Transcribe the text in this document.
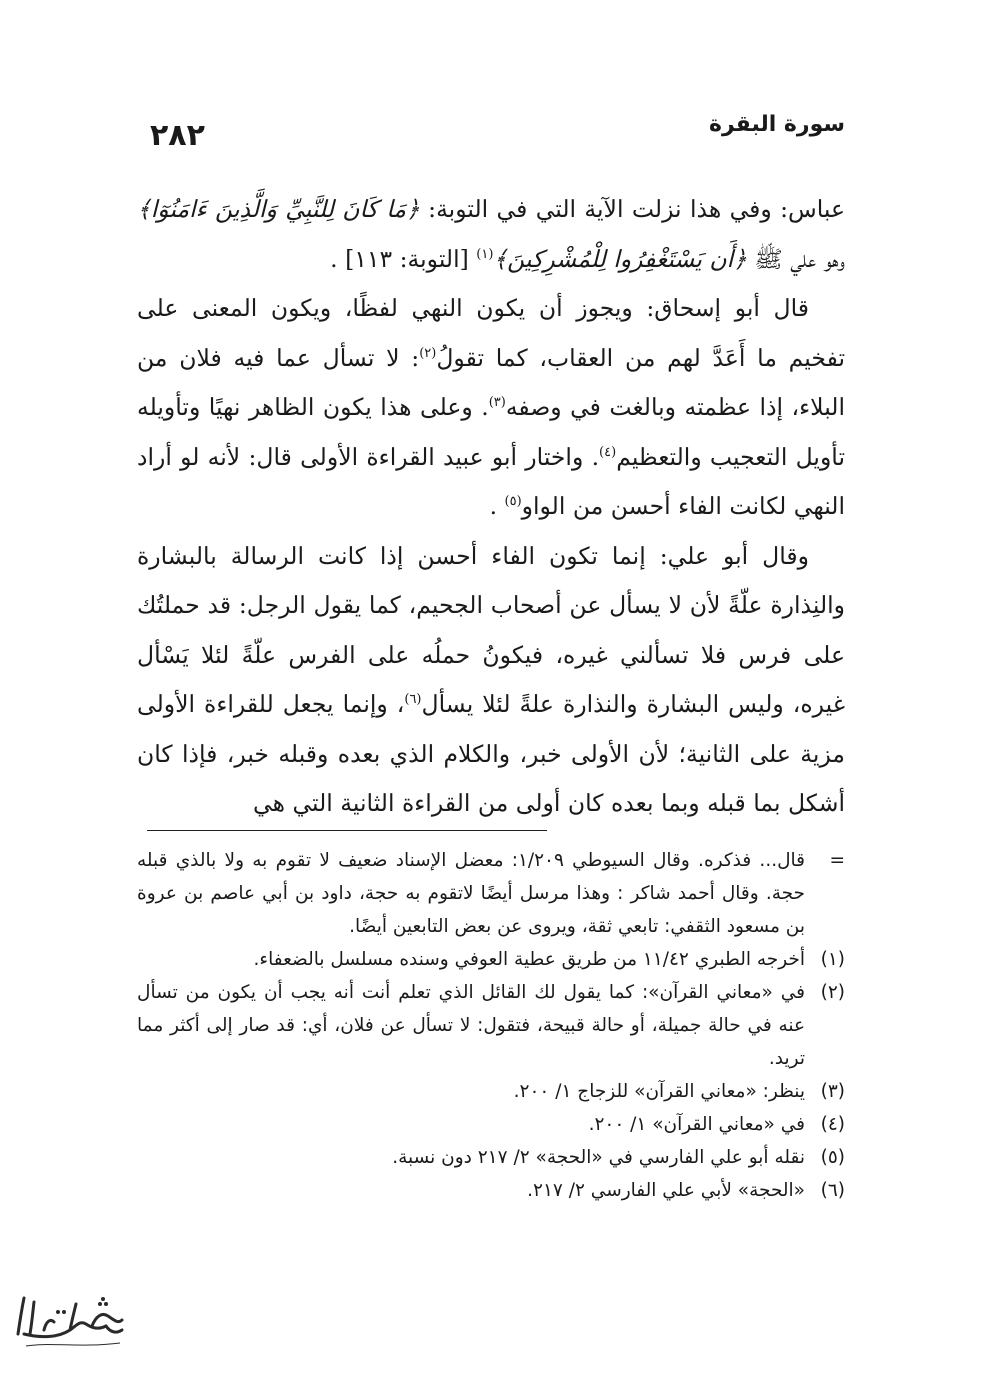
٢٨٢	سورة البقرة

عباس: وفي هذا نزلت الآية التي في التوبة: ﴿مَا كَانَ لِلنَّبِيِّ وَالَّذِينَ ءَامَنُوٓا﴾ وهو علي ﷺ ﴿أَن يَسْتَغْفِرُوا لِلْمُشْرِكِينَ﴾$^{(١)}$ [التوبة: ١١٣] .

قال أبو إسحاق: ويجوز أن يكون النهي لفظًا، ويكون المعنى على تفخيم ما أَعَدَّ لهم من العقاب، كما تقولُ$^{(٢)}$: لا تسأل عما فيه فلان من البلاء، إذا عظمته وبالغت في وصفه$^{(٣)}$. وعلى هذا يكون الظاهر نهيًا وتأويله تأويل التعجيب والتعظيم$^{(٤)}$. واختار أبو عبيد القراءة الأولى قال: لأنه لو أراد النهي لكانت الفاء أحسن من الواو$^{(٥)}$ .

وقال أبو علي: إنما تكون الفاء أحسن إذا كانت الرسالة بالبشارة والنِذارة علّةً لأن لا يسأل عن أصحاب الجحيم، كما يقول الرجل: قد حملتُك على فرس فلا تسألني غيره، فيكونُ حملُه على الفرس علّةً لئلا يَسْأل غيره، وليس البشارة والنذارة علةً لئلا يسأل$^{(٦)}$، وإنما يجعل للقراءة الأولى مزية على الثانية؛ لأن الأولى خبر، والكلام الذي بعده وقبله خبر، فإذا كان أشكل بما قبله وبما بعده كان أولى من القراءة الثانية التي هي

=
قال... فذكره. وقال السيوطي ١/٢٠٩: معضل الإسناد ضعيف لا تقوم به ولا بالذي قبله حجة. وقال أحمد شاكر : وهذا مرسل أيضًا لاتقوم به حجة، داود بن أبي عاصم بن عروة بن مسعود الثقفي: تابعي ثقة، ويروى عن بعض التابعين أيضًا.
(١)
أخرجه الطبري ١١/٤٢ من طريق عطية العوفي وسنده مسلسل بالضعفاء.
(٢)
في «معاني القرآن»: كما يقول لك القائل الذي تعلم أنت أنه يجب أن يكون من تسأل عنه في حالة جميلة، أو حالة قبيحة، فتقول: لا تسأل عن فلان، أي: قد صار إلى أكثر مما تريد.
(٣)
ينظر: «معاني القرآن» للزجاج ١/ ٢٠٠.
(٤)
في «معاني القرآن» ١/ ٢٠٠.
(٥)
نقله أبو علي الفارسي في «الحجة» ٢/ ٢١٧ دون نسبة.
(٦)
«الحجة» لأبي علي الفارسي ٢/ ٢١٧.
